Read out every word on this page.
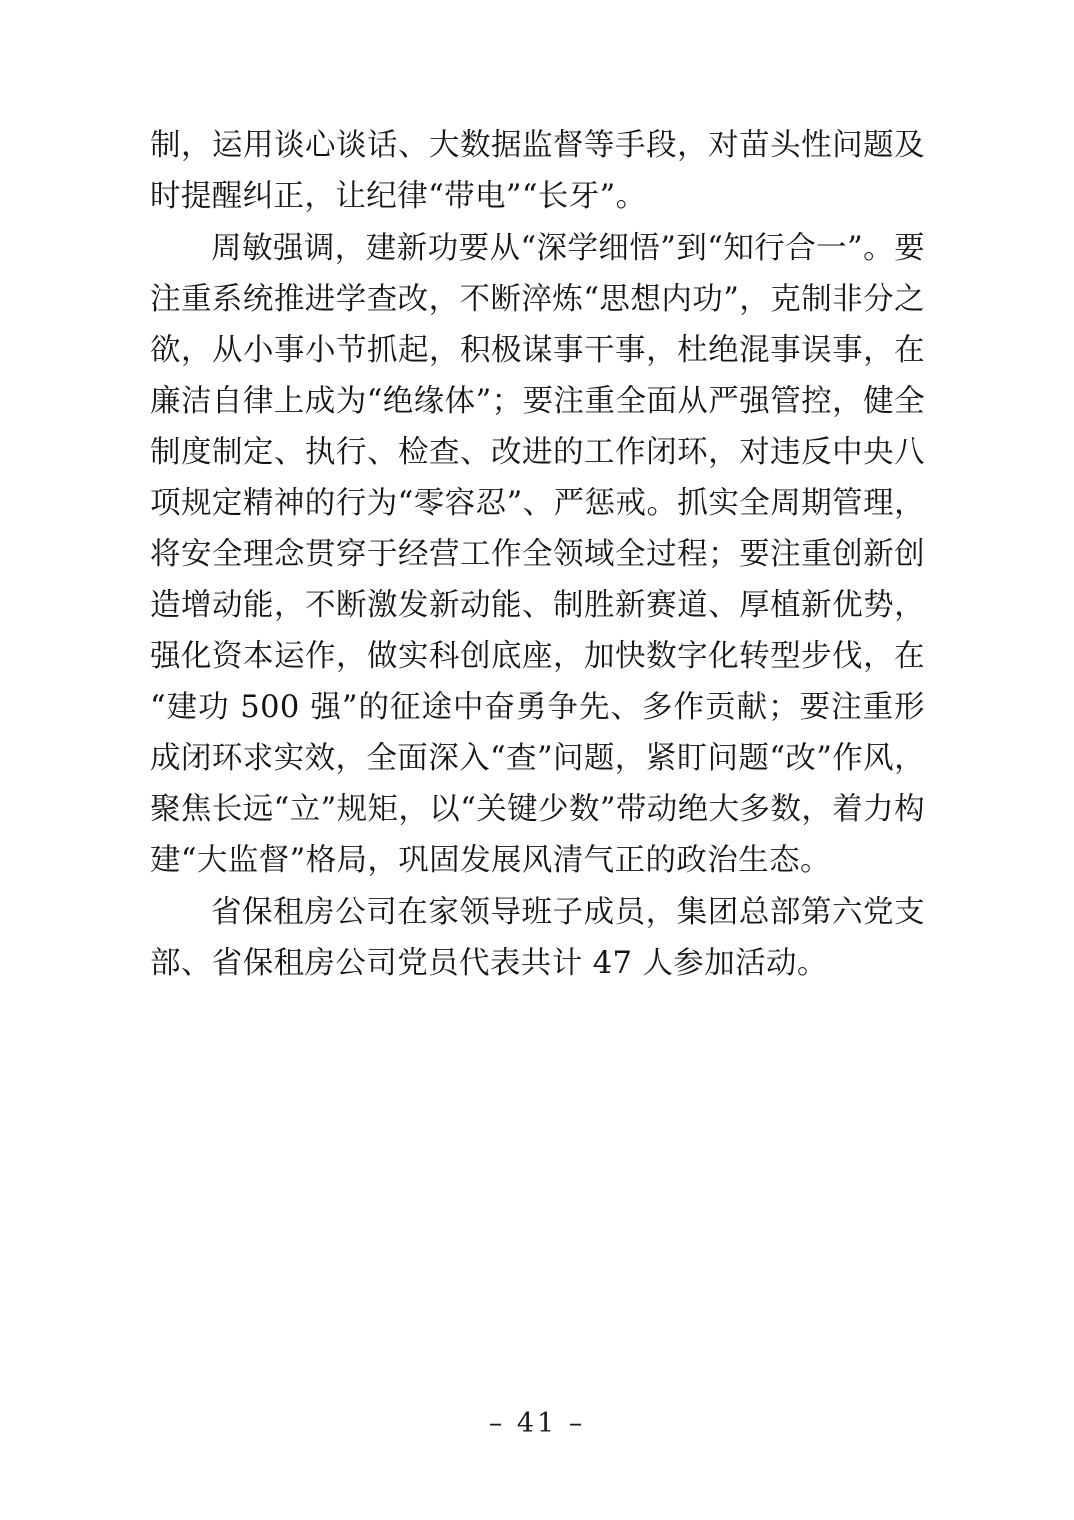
制，运用谈心谈话、大数据监督等手段，对苗头性问题及时提醒纠正，让纪律“带电”“长牙”。

周敏强调，建新功要从“深学细悟”到“知行合一”。要注重系统推进学查改，不断淬炼“思想内功”，克制非分之欲，从小事小节抓起，积极谋事干事，杜绝混事误事，在廉洁自律上成为“绝缘体”；要注重全面从严强管控，健全制度制定、执行、检查、改进的工作闭环，对违反中央八项规定精神的行为“零容忍”、严惩戒。抓实全周期管理，将安全理念贯穿于经营工作全领域全过程；要注重创新创造增动能，不断激发新动能、制胜新赛道、厚植新优势，强化资本运作，做实科创底座，加快数字化转型步伐，在“建功 500 强”的征途中奋勇争先、多作贡献；要注重形成闭环求实效，全面深入“查”问题，紧盯问题“改”作风，聚焦长远“立”规矩，以“关键少数”带动绝大多数，着力构建“大监督”格局，巩固发展风清气正的政治生态。

省保租房公司在家领导班子成员，集团总部第六党支部、省保租房公司党员代表共计 47 人参加活动。

– 41 –
